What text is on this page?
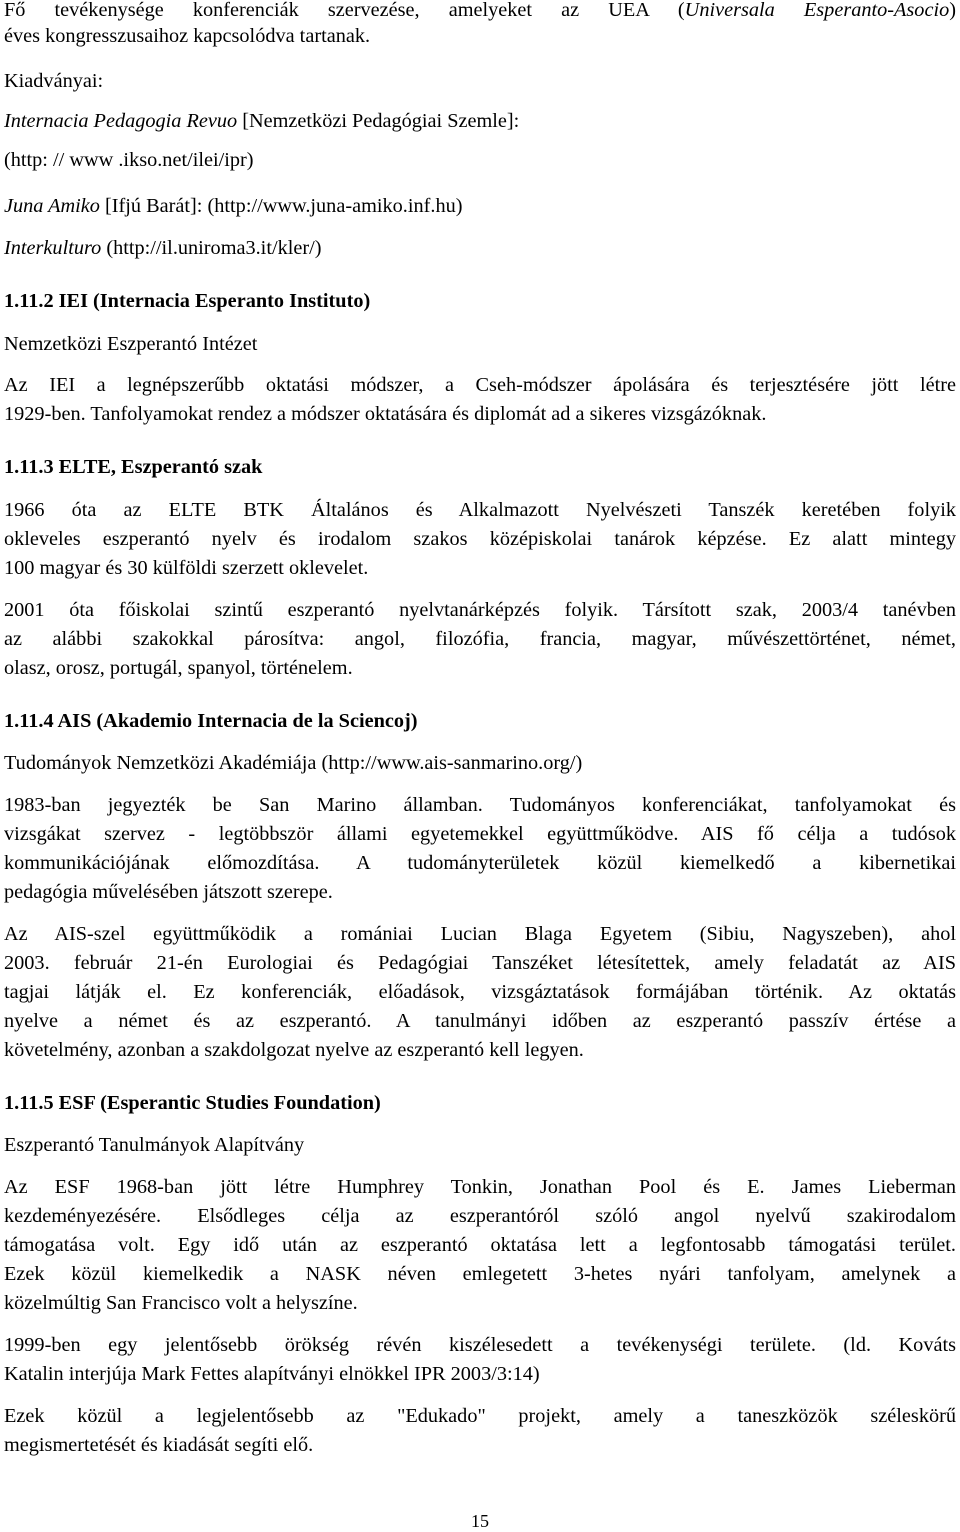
Fő tevékenysége konferenciák szervezése, amelyeket az UEA (Universala Esperanto-Asocio)
éves kongresszusaihoz kapcsolódva tartanak.
Kiadványai:
Internacia Pedagogia Revuo [Nemzetközi Pedagógiai Szemle]:
(http: // www .ikso.net/ilei/ipr)
Juna Amiko [Ifjú Barát]: (http://www.juna-amiko.inf.hu)
Interkulturo (http://il.uniroma3.it/kler/)
1.11.2 IEI (Internacia Esperanto Instituto)
Nemzetközi Eszperantó Intézet
Az IEI a legnépszerűbb oktatási módszer, a Cseh-módszer ápolására és terjesztésére jött létre
1929-ben. Tanfolyamokat rendez a módszer oktatására és diplomát ad a sikeres vizsgázóknak.
1.11.3 ELTE, Eszperantó szak
1966 óta az ELTE BTK Általános és Alkalmazott Nyelvészeti Tanszék keretében folyik
okleveles eszperantó nyelv és irodalom szakos középiskolai tanárok képzése. Ez alatt mintegy
100 magyar és 30 külföldi szerzett oklevelet.
2001 óta főiskolai szintű eszperantó nyelvtanárképzés folyik. Társított szak, 2003/4 tanévben
az alábbi szakokkal párosítva: angol, filozófia, francia, magyar, művészettörténet, német,
olasz, orosz, portugál, spanyol, történelem.
1.11.4 AIS (Akademio Internacia de la Sciencoj)
Tudományok Nemzetközi Akadémiája (http://www.ais-sanmarino.org/)
1983-ban jegyezték be San Marino államban. Tudományos konferenciákat, tanfolyamokat és
vizsgákat szervez - legtöbbször állami egyetemekkel együttműködve. AIS fő célja a tudósok
kommunikációjának előmozdítása. A tudományterületek közül kiemelkedő a kibernetikai
pedagógia művelésében játszott szerepe.
Az AIS-szel együttműködik a romániai Lucian Blaga Egyetem (Sibiu, Nagyszeben), ahol
2003. február 21-én Eurologiai és Pedagógiai Tanszéket létesítettek, amely feladatát az AIS
tagjai látják el. Ez konferenciák, előadások, vizsgáztatások formájában történik. Az oktatás
nyelve a német és az eszperantó. A tanulmányi időben az eszperantó passzív értése a
követelmény, azonban a szakdolgozat nyelve az eszperantó kell legyen.
1.11.5 ESF (Esperantic Studies Foundation)
Eszperantó Tanulmányok Alapítvány
Az ESF 1968-ban jött létre Humphrey Tonkin, Jonathan Pool és E. James Lieberman
kezdeményezésére. Elsődleges célja az eszperantóról szóló angol nyelvű szakirodalom
támogatása volt. Egy idő után az eszperantó oktatása lett a legfontosabb támogatási terület.
Ezek közül kiemelkedik a NASK néven emlegetett 3-hetes nyári tanfolyam, amelynek a
közelmúltig San Francisco volt a helyszíne.
1999-ben egy jelentősebb örökség révén kiszélesedett a tevékenységi területe. (ld. Kováts
Katalin interjúja Mark Fettes alapítványi elnökkel IPR 2003/3:14)
Ezek közül a legjelentősebb az "Edukado" projekt, amely a taneszközök széleskörű
megismertetését és kiadását segíti elő.
15
